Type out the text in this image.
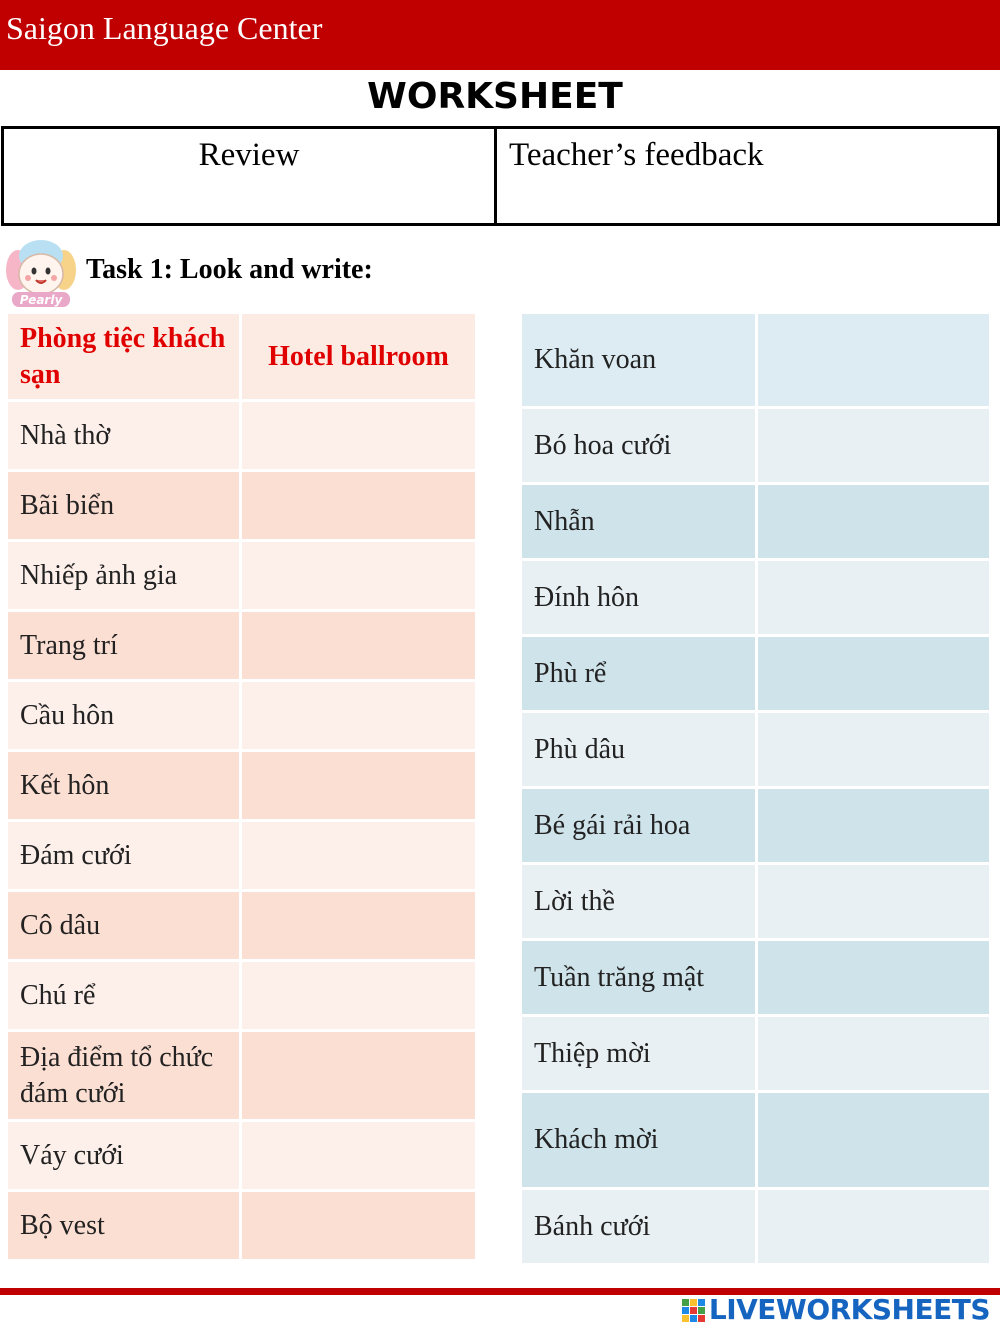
Saigon Language Center
WORKSHEET
Review	Teacher’s feedback
Pearly
Task 1: Look and write:
Phòng tiệc khách sạn	Hotel ballroom
Nhà thờ	
Bãi biển	
Nhiếp ảnh gia	
Trang trí	
Cầu hôn	
Kết hôn	
Đám cưới	
Cô dâu	
Chú rể	
Địa điểm tổ chức đám cưới	
Váy cưới	
Bộ vest	
Khăn voan	
Bó hoa cưới	
Nhẫn	
Đính hôn	
Phù rể	
Phù dâu	
Bé gái rải hoa	
Lời thề	
Tuần trăng mật	
Thiệp mời	
Khách mời	
Bánh cưới	
LIVEWORKSHEETS
